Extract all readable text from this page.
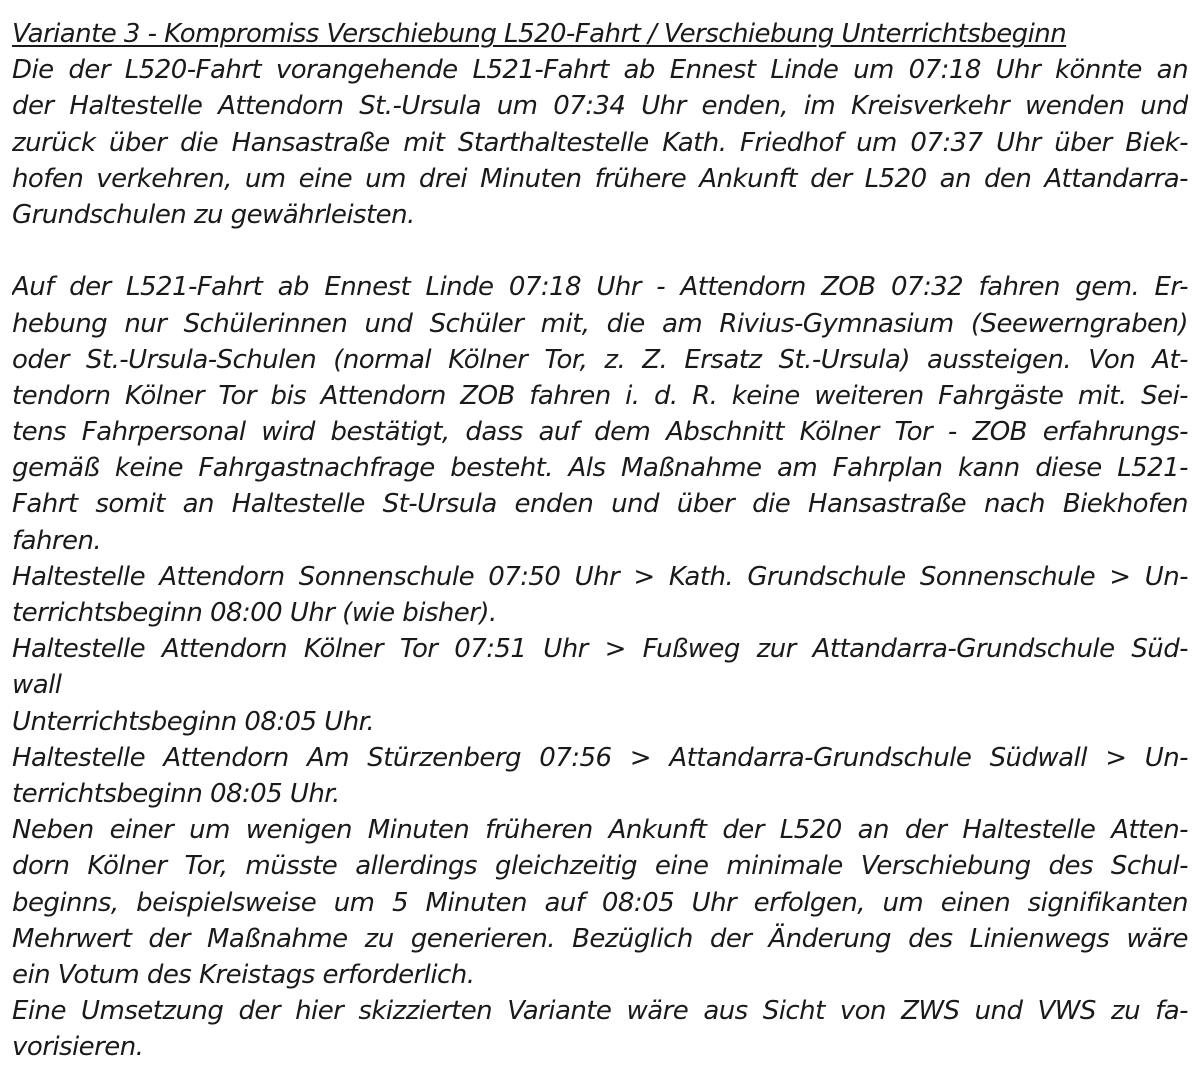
Variante 3 - Kompromiss Verschiebung L520-Fahrt / Verschiebung Unterrichtsbeginn
Die der L520-Fahrt vorangehende L521-Fahrt ab Ennest Linde um 07:18 Uhr könnte an
der Haltestelle Attendorn St.-Ursula um 07:34 Uhr enden, im Kreisverkehr wenden und
zurück über die Hansastraße mit Starthaltestelle Kath. Friedhof um 07:37 Uhr über Biek-
hofen verkehren, um eine um drei Minuten frühere Ankunft der L520 an den Attandarra-
Grundschulen zu gewährleisten.
Auf der L521-Fahrt ab Ennest Linde 07:18 Uhr - Attendorn ZOB 07:32 fahren gem. Er-
hebung nur Schülerinnen und Schüler mit, die am Rivius-Gymnasium (Seewerngraben)
oder St.-Ursula-Schulen (normal Kölner Tor, z. Z. Ersatz St.-Ursula) aussteigen. Von At-
tendorn Kölner Tor bis Attendorn ZOB fahren i. d. R. keine weiteren Fahrgäste mit. Sei-
tens Fahrpersonal wird bestätigt, dass auf dem Abschnitt Kölner Tor - ZOB erfahrungs-
gemäß keine Fahrgastnachfrage besteht. Als Maßnahme am Fahrplan kann diese L521-
Fahrt somit an Haltestelle St-Ursula enden und über die Hansastraße nach Biekhofen
fahren.
Haltestelle Attendorn Sonnenschule 07:50 Uhr > Kath. Grundschule Sonnenschule > Un-
terrichtsbeginn 08:00 Uhr (wie bisher).
Haltestelle Attendorn Kölner Tor 07:51 Uhr > Fußweg zur Attandarra-Grundschule Süd-
wall
Unterrichtsbeginn 08:05 Uhr.
Haltestelle Attendorn Am Stürzenberg 07:56 > Attandarra-Grundschule Südwall > Un-
terrichtsbeginn 08:05 Uhr.
Neben einer um wenigen Minuten früheren Ankunft der L520 an der Haltestelle Atten-
dorn Kölner Tor, müsste allerdings gleichzeitig eine minimale Verschiebung des Schul-
beginns, beispielsweise um 5 Minuten auf 08:05 Uhr erfolgen, um einen signifikanten
Mehrwert der Maßnahme zu generieren. Bezüglich der Änderung des Linienwegs wäre
ein Votum des Kreistags erforderlich.
Eine Umsetzung der hier skizzierten Variante wäre aus Sicht von ZWS und VWS zu fa-
vorisieren.
